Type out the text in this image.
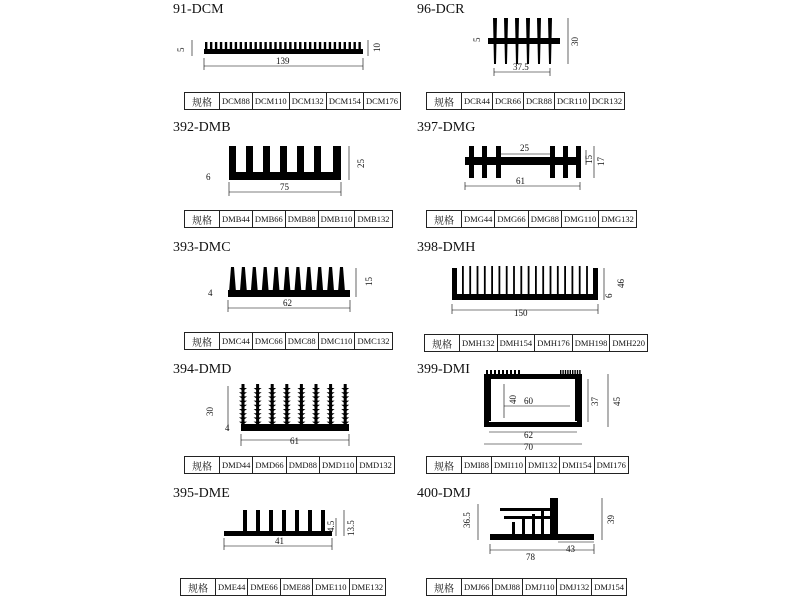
91-DCM
139
5	10
规格	DCM88	DCM110	DCM132	DCM154	DCM176
96-DCR
37.5
5	30
规格	DCR44	DCR66	DCR88	DCR110	DCR132
392-DMB
75
6
25
规格	DMB44	DMB66	DMB88	DMB110	DMB132
397-DMG
25
61
15 17
规格	DMG44	DMG66	DMG88	DMG110	DMG132
393-DMC
62
4
15
规格	DMC44	DMC66	DMC88	DMC110	DMC132
398-DMH
150
6
46
规格	DMH132	DMH154	DMH176	DMH198	DMH220
394-DMD
61
30
4
规格	DMD44	DMD66	DMD88	DMD110	DMD132
399-DMI
40 60	37 45
62
70
规格	DMI88	DMI110	DMI132	DMI154	DMI176
395-DME
41
4.5 13.5
规格	DME44	DME66	DME88	DME110	DME132
400-DMJ
36.5	39
43
78
规格	DMJ66	DMJ88	DMJ110	DMJ132	DMJ154
